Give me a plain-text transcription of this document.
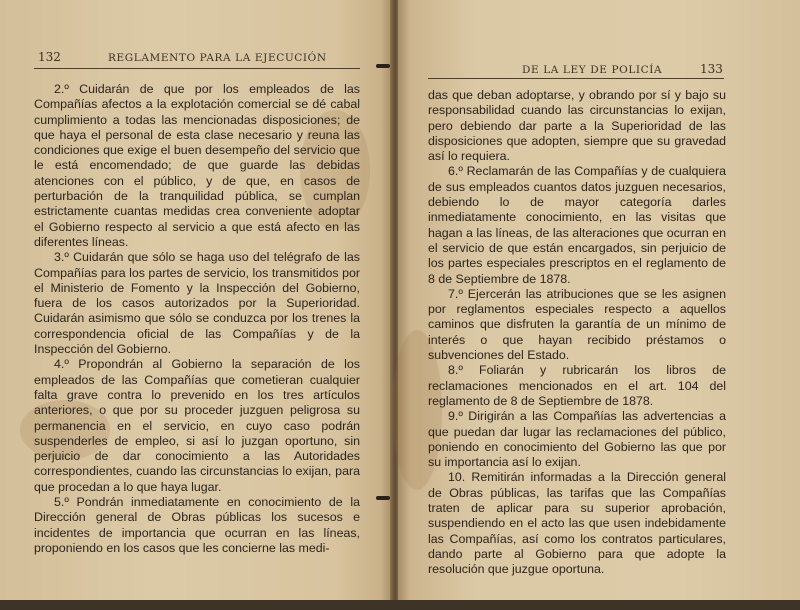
132	REGLAMENTO PARA LA EJECUCIÓN

2.º Cuidarán de que por los empleados de las Compañías afectos a la explotación comercial se dé cabal cumplimiento a todas las mencionadas disposiciones; de que haya el personal de esta clase necesario y reuna las condiciones que exige el buen desempeño del servicio que le está encomendado; de que guarde las debidas atenciones con el público, y de que, en casos de perturbación de la tranquilidad pública, se cumplan estrictamente cuantas medidas crea conveniente adoptar el Gobierno respecto al servicio a que está afecto en las diferentes líneas.

3.º Cuidarán que sólo se haga uso del telégrafo de las Compañías para los partes de servicio, los transmitidos por el Ministerio de Fomento y la Inspección del Gobierno, fuera de los casos autorizados por la Superioridad. Cuidarán asimismo que sólo se conduzca por los trenes la correspondencia oficial de las Compañías y de la Inspección del Gobierno.

4.º Propondrán al Gobierno la separación de los empleados de las Compañías que cometieran cualquier falta grave contra lo prevenido en los tres artículos anteriores, o que por su proceder juzguen peligrosa su permanencia en el servicio, en cuyo caso podrán suspenderles de empleo, si así lo juzgan oportuno, sin perjuicio de dar conocimiento a las Autoridades correspondientes, cuando las circunstancias lo exijan, para que procedan a lo que haya lugar.

5.º Pondrán inmediatamente en conocimiento de la Dirección general de Obras públicas los sucesos e incidentes de importancia que ocurran en las líneas, proponiendo en los casos que les concierne las medi-

DE LA LEY DE POLICÍA	133

das que deban adoptarse, y obrando por sí y bajo su responsabilidad cuando las circunstancias lo exijan, pero debiendo dar parte a la Superioridad de las disposiciones que adopten, siempre que su gravedad así lo requiera.

6.º Reclamarán de las Compañías y de cualquiera de sus empleados cuantos datos juzguen necesarios, debiendo lo de mayor categoría darles inmediatamente conocimiento, en las visitas que hagan a las líneas, de las alteraciones que ocurran en el servicio de que están encargados, sin perjuicio de los partes especiales prescriptos en el reglamento de 8 de Septiembre de 1878.

7.º Ejercerán las atribuciones que se les asignen por reglamentos especiales respecto a aquellos caminos que disfruten la garantía de un mínimo de interés o que hayan recibido préstamos o subvenciones del Estado.

8.º Foliarán y rubricarán los libros de reclamaciones mencionados en el art. 104 del reglamento de 8 de Septiembre de 1878.

9.º Dirigirán a las Compañías las advertencias a que puedan dar lugar las reclamaciones del público, poniendo en conocimiento del Gobierno las que por su importancia así lo exijan.

10. Remitirán informadas a la Dirección general de Obras públicas, las tarifas que las Compañías traten de aplicar para su superior aprobación, suspendiendo en el acto las que usen indebidamente las Compañías, así como los contratos particulares, dando parte al Gobierno para que adopte la resolución que juzgue oportuna.
